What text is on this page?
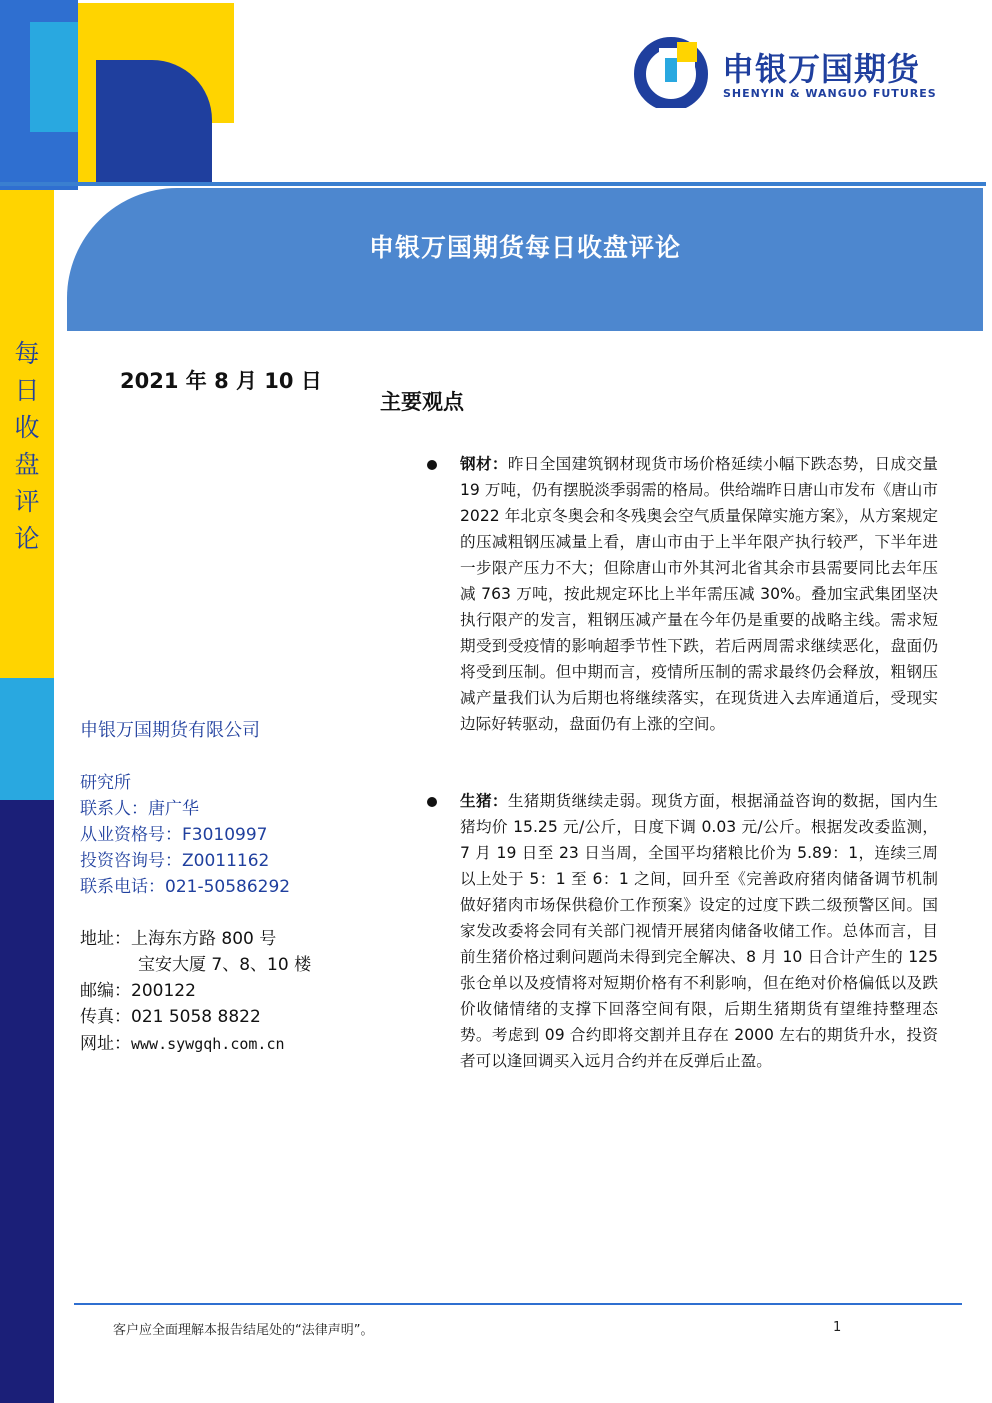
每日收盘评论
申银万国期货
SHENYIN & WANGUO FUTURES
申银万国期货每日收盘评论
2021 年 8 月 10 日
主要观点
申银万国期货有限公司
研究所
联系人：唐广华
从业资格号：F3010997
投资咨询号：Z0011162
联系电话：021-50586292
地址：上海东方路 800 号
宝安大厦 7、8、10 楼
邮编：200122
传真：021 5058 8822
网址：www.sywgqh.com.cn
钢材：昨日全国建筑钢材现货市场价格延续小幅下跌态势，日成交量 19 万吨，仍有摆脱淡季弱需的格局。供给端昨日唐山市发布《唐山市 2022 年北京冬奥会和冬残奥会空气质量保障实施方案》，从方案规定的压减粗钢压减量上看，唐山市由于上半年限产执行较严，下半年进一步限产压力不大；但除唐山市外其河北省其余市县需要同比去年压减 763 万吨，按此规定环比上半年需压减 30%。叠加宝武集团坚决执行限产的发言，粗钢压减产量在今年仍是重要的战略主线。需求短期受到受疫情的影响超季节性下跌，若后两周需求继续恶化，盘面仍将受到压制。但中期而言，疫情所压制的需求最终仍会释放，粗钢压减产量我们认为后期也将继续落实，在现货进入去库通道后，受现实边际好转驱动，盘面仍有上涨的空间。
生猪：生猪期货继续走弱。现货方面，根据涌益咨询的数据，国内生猪均价 15.25 元/公斤，日度下调 0.03 元/公斤。根据发改委监测，7 月 19 日至 23 日当周，全国平均猪粮比价为 5.89：1，连续三周以上处于 5：1 至 6：1 之间，回升至《完善政府猪肉储备调节机制做好猪肉市场保供稳价工作预案》设定的过度下跌二级预警区间。国家发改委将会同有关部门视情开展猪肉储备收储工作。总体而言，目前生猪价格过剩问题尚未得到完全解决、8 月 10 日合计产生的 125 张仓单以及疫情将对短期价格有不利影响，但在绝对价格偏低以及跌价收储情绪的支撑下回落空间有限，后期生猪期货有望维持整理态势。考虑到 09 合约即将交割并且存在 2000 左右的期货升水，投资者可以逢回调买入远月合约并在反弹后止盈。
客户应全面理解本报告结尾处的“法律声明”。	1
